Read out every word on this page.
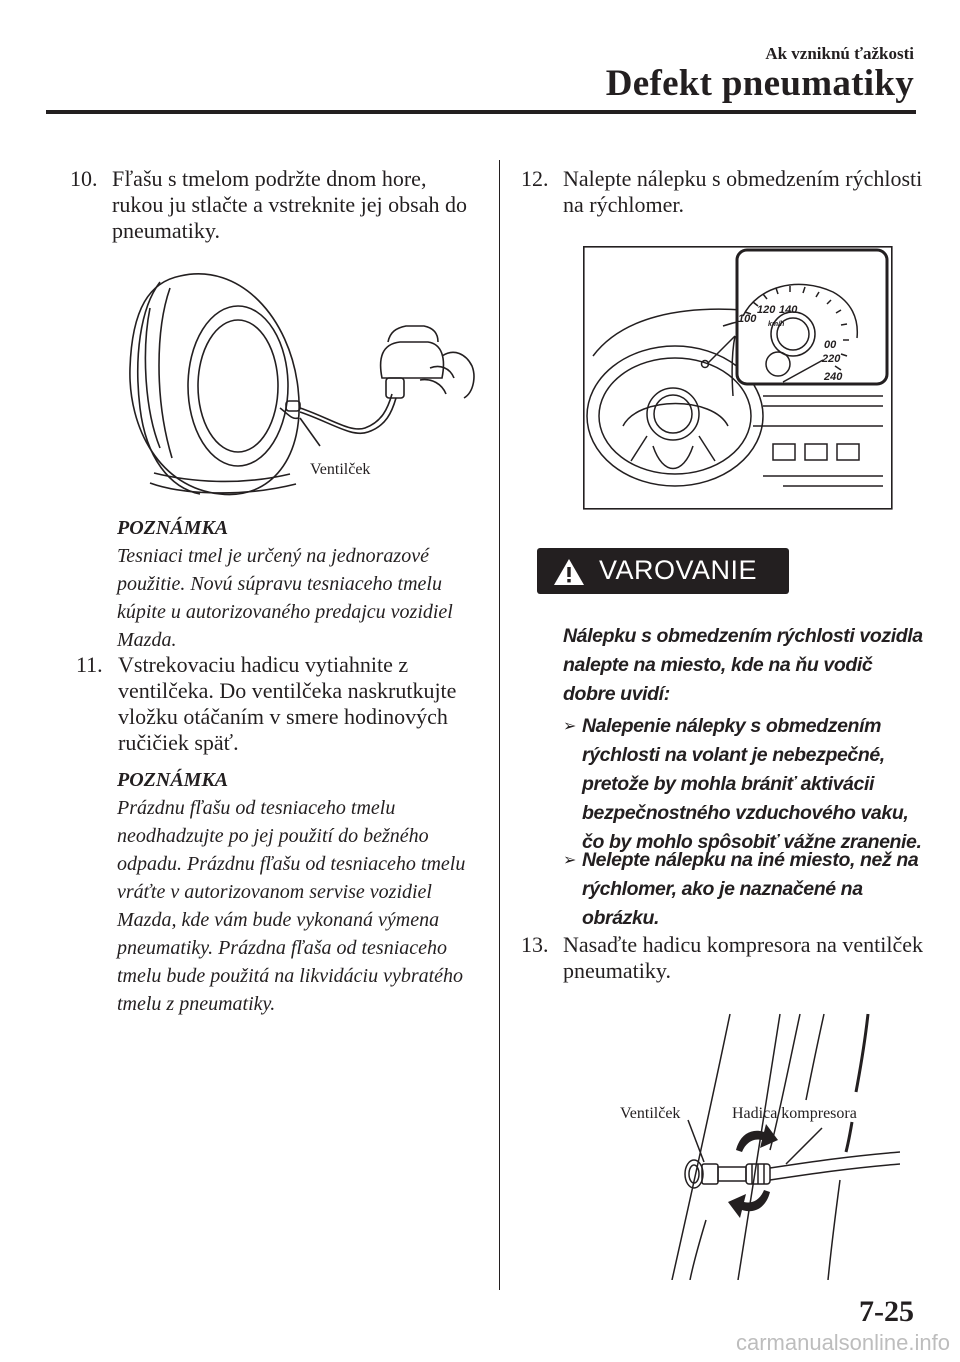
Ak vzniknú ťažkosti
Defekt pneumatiky
10. Fľašu s tmelom podržte dnom hore, rukou ju stlačte a vstreknite jej obsah do pneumatiky.
Ventilček
POZNÁMKA
Tesniaci tmel je určený na jednorazové použitie. Novú súpravu tesniaceho tmelu kúpite u autorizovaného predajcu vozidiel Mazda.
11. Vstrekovaciu hadicu vytiahnite z ventilčeka. Do ventilčeka naskrutkujte vložku otáčaním v smere hodinových ručičiek späť.
POZNÁMKA
Prázdnu fľašu od tesniaceho tmelu neodhadzujte po jej použití do bežného odpadu. Prázdnu fľašu od tesniaceho tmelu vráťte v autorizovanom servise vozidiel Mazda, kde vám bude vykonaná výmena pneumatiky. Prázdna fľaša od tesniaceho tmelu bude použitá na likvidáciu vybratého tmelu z pneumatiky.
12. Nalepte nálepku s obmedzením rýchlosti na rýchlomer.
100
120 140
km/h
00
220
240
VAROVANIE
Nálepku s obmedzením rýchlosti vozidla nalepte na miesto, kde na ňu vodič dobre uvidí:
➢ Nalepenie nálepky s obmedzením rýchlosti na volant je nebezpečné, pretože by mohla brániť aktivácii bezpečnostného vzduchového vaku, čo by mohlo spôsobiť vážne zranenie.
➢ Nelepte nálepku na iné miesto, než na rýchlomer, ako je naznačené na obrázku.
13. Nasaďte hadicu kompresora na ventilček pneumatiky.
Ventilček	Hadica kompresora
7-25
carmanualsonline.info
